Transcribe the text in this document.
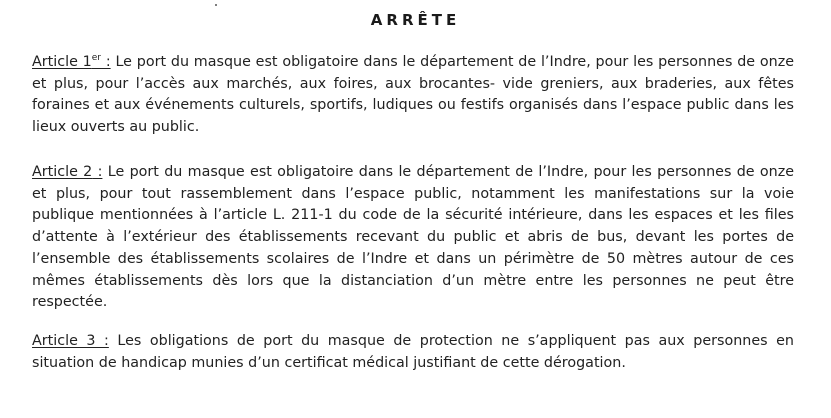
ARRÊTE

Article 1er : Le port du masque est obligatoire dans le département de l’Indre, pour les personnes de onze et plus, pour l’accès aux marchés, aux foires, aux brocantes- vide greniers, aux braderies, aux fêtes foraines et aux événements culturels, sportifs, ludiques ou festifs organisés dans l’espace public dans les lieux ouverts au public.

Article 2 : Le port du masque est obligatoire dans le département de l’Indre, pour les personnes de onze et plus, pour tout rassemblement dans l’espace public, notamment les manifestations sur la voie publique mentionnées à l’article L. 211-1 du code de la sécurité intérieure, dans les espaces et les files d’attente à l’extérieur des établissements recevant du public et abris de bus, devant les portes de l’ensemble des établissements scolaires de l’Indre et dans un périmètre de 50 mètres autour de ces mêmes établissements dès lors que la distanciation d’un mètre entre les personnes ne peut être respectée.

Article 3 : Les obligations de port du masque de protection ne s’appliquent pas aux personnes en situation de handicap munies d’un certificat médical justifiant de cette dérogation.
